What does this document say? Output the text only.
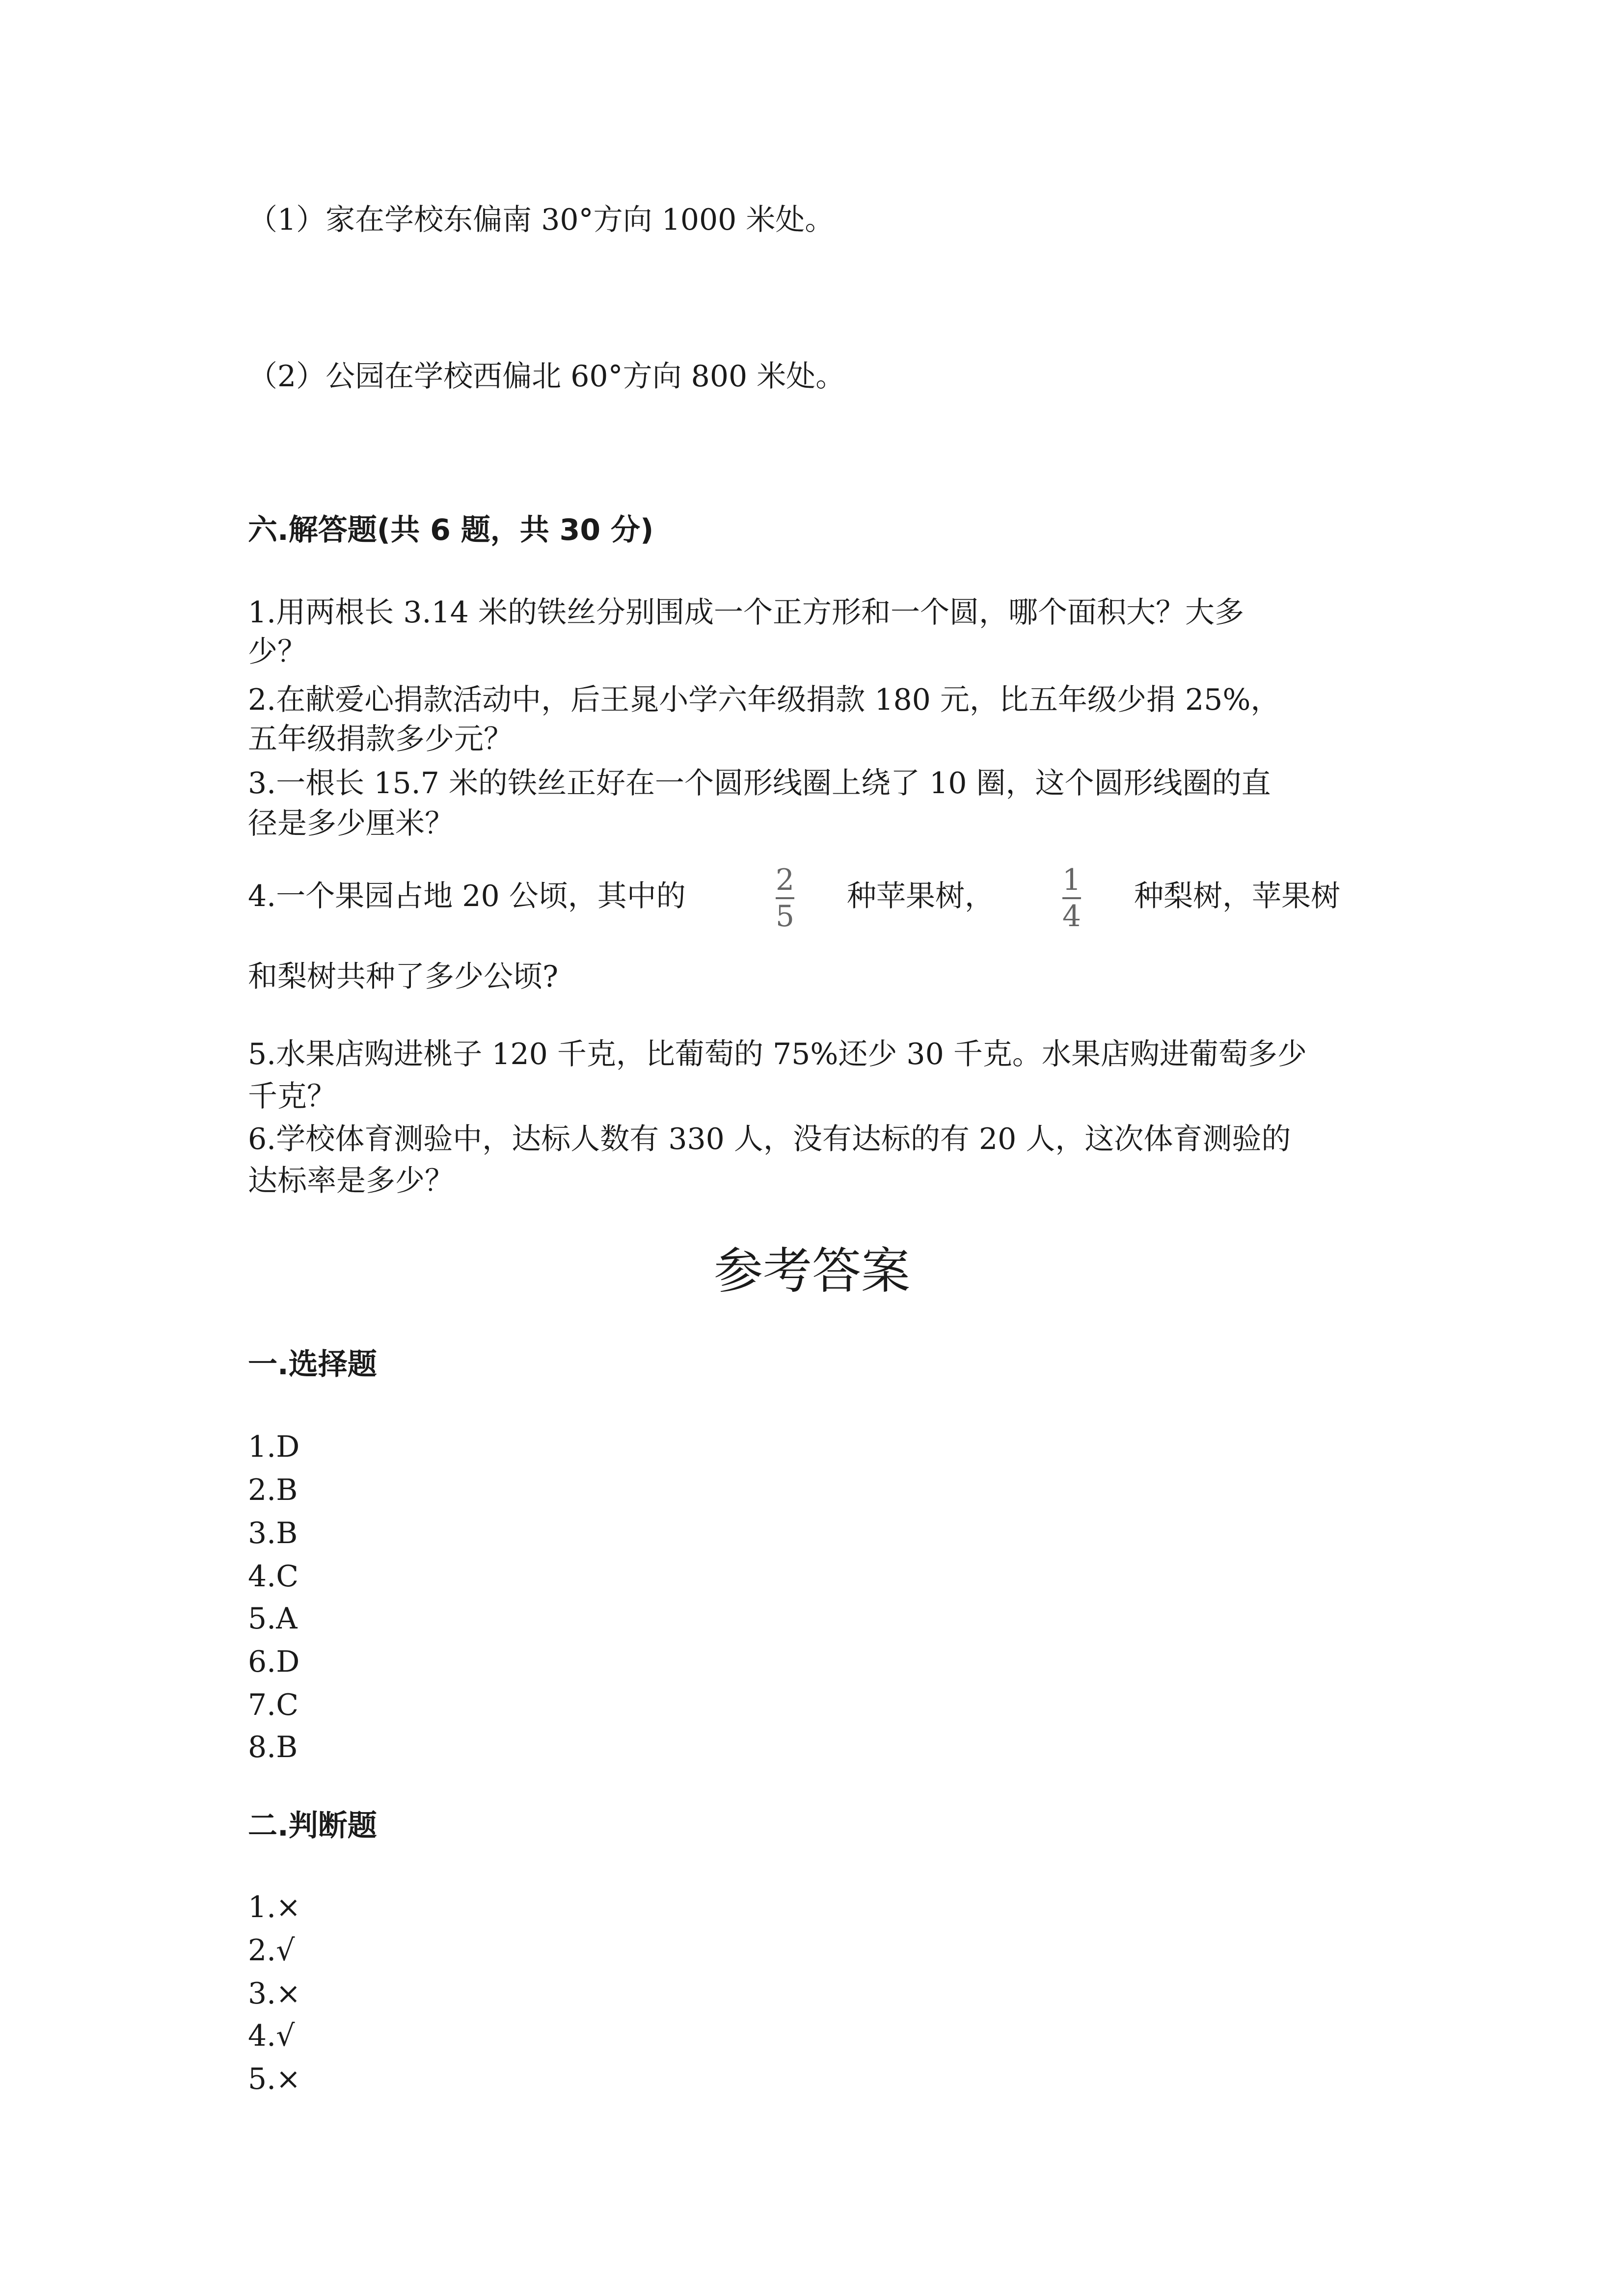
（1）家在学校东偏南 30°方向 1000 米处。
（2）公园在学校西偏北 60°方向 800 米处。
六.解答题(共 6 题，共 30 分)
1.用两根长 3.14 米的铁丝分别围成一个正方形和一个圆，哪个面积大？大多
少？
2.在献爱心捐款活动中，后王晁小学六年级捐款 180 元，比五年级少捐 25%，
五年级捐款多少元？
3.一根长 15.7 米的铁丝正好在一个圆形线圈上绕了 10 圈，这个圆形线圈的直
径是多少厘米？
4.一个果园占地 20 公顷，其中的	2
5
种苹果树， 1
4
种梨树，苹果树
和梨树共种了多少公顷?
5.水果店购进桃子 120 千克，比葡萄的 75%还少 30 千克。水果店购进葡萄多少
千克？
6.学校体育测验中，达标人数有 330 人，没有达标的有 20 人，这次体育测验的
达标率是多少？
参考答案
一.选择题
1.D
2.B
3.B
4.C
5.A
6.D
7.C
8.B
二.判断题
1.×
2.√
3.×
4.√
5.×
